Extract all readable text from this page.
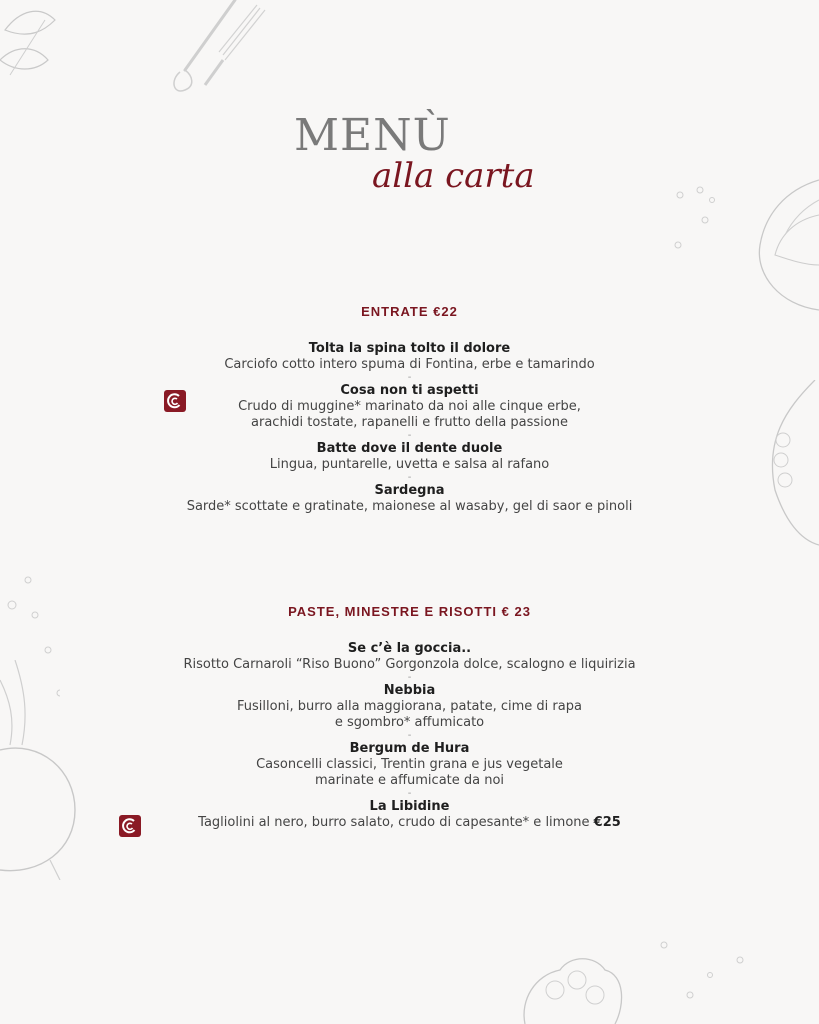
MENÙ
alla carta
ENTRATE €22
Tolta la spina tolto il dolore
Carciofo cotto intero spuma di Fontina, erbe e tamarindo
-
Cosa non ti aspetti
Crudo di muggine* marinato da noi alle cinque erbe,
arachidi tostate, rapanelli e frutto della passione
-
Batte dove il dente duole
Lingua, puntarelle, uvetta e salsa al rafano
-
Sardegna
Sarde* scottate e gratinate, maionese al wasaby, gel di saor e pinoli
PASTE, MINESTRE E RISOTTI € 23
Se c’è la goccia..
Risotto Carnaroli “Riso Buono” Gorgonzola dolce, scalogno e liquirizia
-
Nebbia
Fusilloni, burro alla maggiorana, patate, cime di rapa
e sgombro* affumicato
-
Bergum de Hura
Casoncelli classici, Trentin grana e jus vegetale
marinate e affumicate da noi
-
La Libidine
Tagliolini al nero, burro salato, crudo di capesante* e limone €25
